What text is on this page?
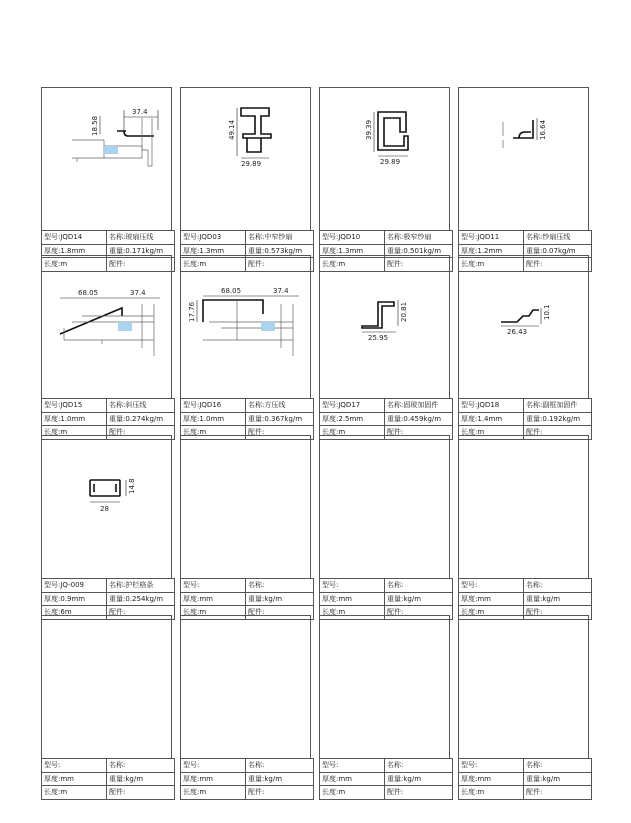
37.4
18.58
型号:JQD14	名称:玻扇压线
厚度:1.8mm	重量:0.171kg/m
长度:m	配件:
49.14
29.89
型号:JQD03	名称:中窄纱扇
厚度:1.3mm	重量:0.573kg/m
长度:m	配件:
39.39
29.89
型号:JQD10	名称:极窄纱扇
厚度:1.3mm	重量:0.501kg/m
长度:m	配件:
16.64
型号:JQD11	名称:纱扇压线
厚度:1.2mm	重量:0.07kg/m
长度:m	配件:
68.05	37.4
型号:JQD15	名称:斜压线
厚度:1.0mm	重量:0.274kg/m
长度:m	配件:
68.05	37.4
17.76
型号:JQD16	名称:方压线
厚度:1.0mm	重量:0.367kg/m
长度:m	配件:
20.81
25.95
型号:JQD17	名称:固玻加固件
厚度:2.5mm	重量:0.459kg/m
长度:m	配件:
10.1
26.43
型号:JQD18	名称:副框加固件
厚度:1.4mm	重量:0.192kg/m
长度:m	配件:
14.8
28
型号:JQ-009	名称:护栏格条
厚度:0.9mm	重量:0.254kg/m
长度:6m	配件:
型号:	名称:
厚度:mm	重量:kg/m
长度:m	配件:
型号:	名称:
厚度:mm	重量:kg/m
长度:m	配件:
型号:	名称:
厚度:mm	重量:kg/m
长度:m	配件:
型号:	名称:
厚度:mm	重量:kg/m
长度:m	配件:
型号:	名称:
厚度:mm	重量:kg/m
长度:m	配件:
型号:	名称:
厚度:mm	重量:kg/m
长度:m	配件:
型号:	名称:
厚度:mm	重量:kg/m
长度:m	配件:
